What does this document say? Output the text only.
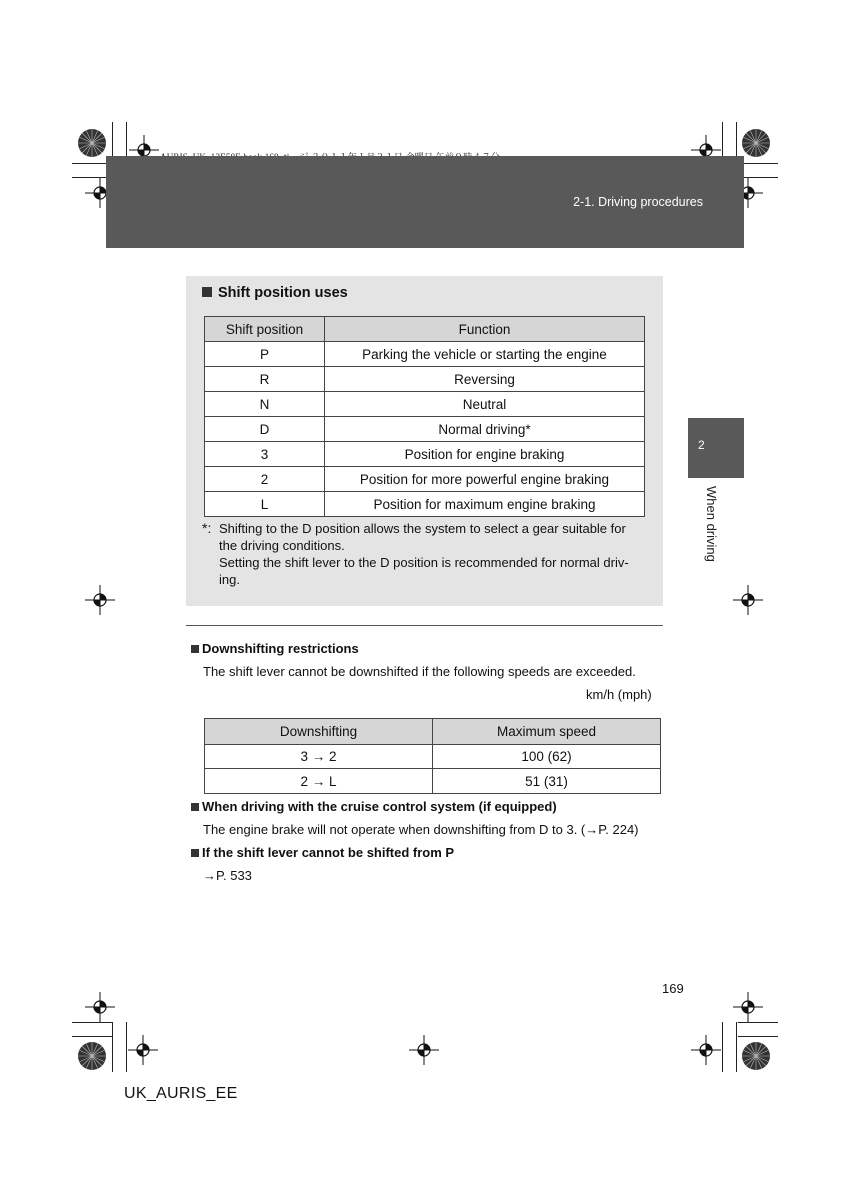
2-1. Driving procedures
2
When driving
Shift position uses
Shift position	Function
P	Parking the vehicle or starting the engine
R	Reversing
N	Neutral
D	Normal driving*
3	Position for engine braking
2	Position for more powerful engine braking
L	Position for maximum engine braking
*: Shifting to the D position allows the system to select a gear suitable for
the driving conditions.
Setting the shift lever to the D position is recommended for normal driv-
ing.
Downshifting restrictions
The shift lever cannot be downshifted if the following speeds are exceeded.
km/h (mph)
Downshifting	Maximum speed
3 → 2	100 (62)
2 → L	51 (31)
When driving with the cruise control system (if equipped)
The engine brake will not operate when downshifting from D to 3. (→P. 224)
If the shift lever cannot be shifted from P
→P. 533
169
UK_AURIS_EE
